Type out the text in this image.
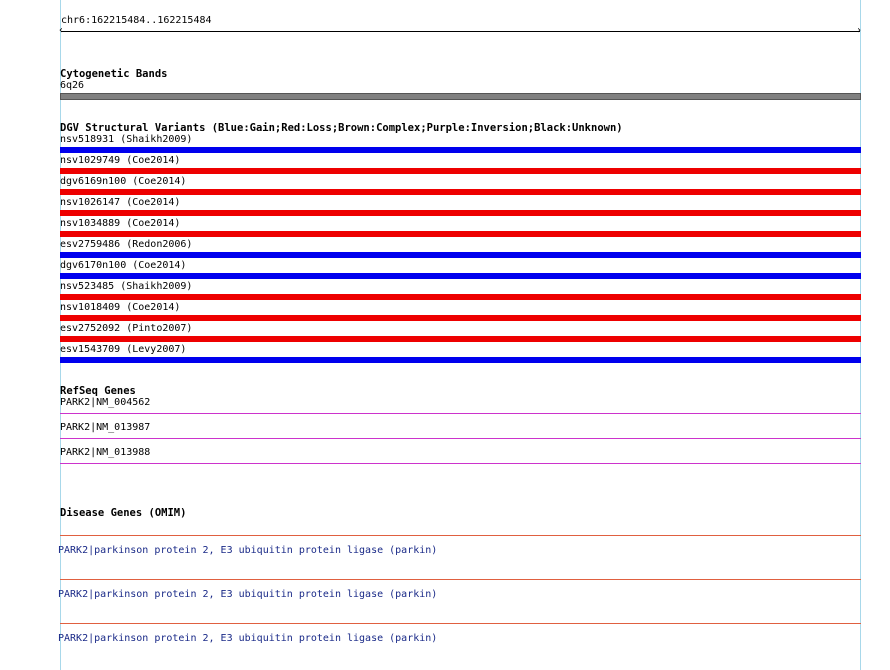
chr6:162215484..162215484
‹	›
Cytogenetic Bands
6q26
DGV Structural Variants (Blue:Gain;Red:Loss;Brown:Complex;Purple:Inversion;Black:Unknown)
nsv518931 (Shaikh2009)
nsv1029749 (Coe2014)
dgv6169n100 (Coe2014)
nsv1026147 (Coe2014)
nsv1034889 (Coe2014)
esv2759486 (Redon2006)
dgv6170n100 (Coe2014)
nsv523485 (Shaikh2009)
nsv1018409 (Coe2014)
esv2752092 (Pinto2007)
esv1543709 (Levy2007)
RefSeq Genes
PARK2|NM_004562
PARK2|NM_013987
PARK2|NM_013988
Disease Genes (OMIM)
PARK2|parkinson protein 2, E3 ubiquitin protein ligase (parkin)
PARK2|parkinson protein 2, E3 ubiquitin protein ligase (parkin)
PARK2|parkinson protein 2, E3 ubiquitin protein ligase (parkin)
